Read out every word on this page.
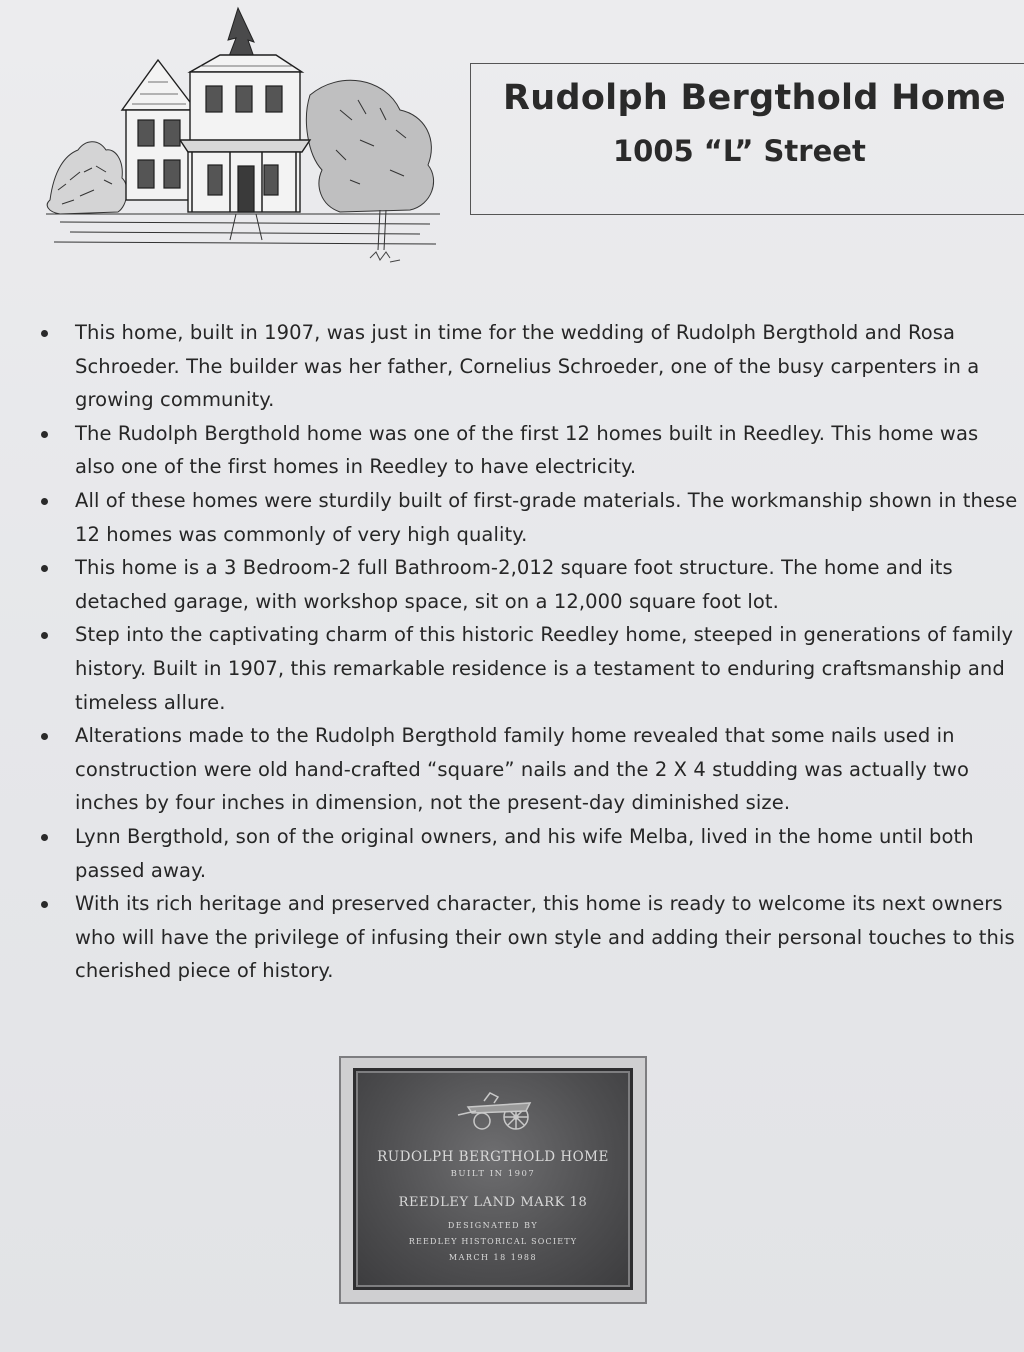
Rudolph Bergthold Home
1005 “L” Street
This home, built in 1907, was just in time for the wedding of Rudolph Bergthold and Rosa Schroeder. The builder was her father, Cornelius Schroeder, one of the busy carpenters in a growing community.
The Rudolph Bergthold home was one of the first 12 homes built in Reedley. This home was also one of the first homes in Reedley to have electricity.
All of these homes were sturdily built of first-grade materials. The workmanship shown in these 12 homes was commonly of very high quality.
This home is a 3 Bedroom-2 full Bathroom-2,012 square foot structure. The home and its detached garage, with workshop space, sit on a 12,000 square foot lot.
Step into the captivating charm of this historic Reedley home, steeped in generations of family history. Built in 1907, this remarkable residence is a testament to enduring craftsmanship and timeless allure.
Alterations made to the Rudolph Bergthold family home revealed that some nails used in construction were old hand-crafted “square” nails and the 2 X 4 studding was actually two inches by four inches in dimension, not the present-day diminished size.
Lynn Bergthold, son of the original owners, and his wife Melba, lived in the home until both passed away.
With its rich heritage and preserved character, this home is ready to welcome its next owners who will have the privilege of infusing their own style and adding their personal touches to this cherished piece of history.
RUDOLPH BERGTHOLD HOME
BUILT IN 1907
REEDLEY LAND MARK 18
DESIGNATED BY
REEDLEY HISTORICAL SOCIETY
MARCH 18 1988
